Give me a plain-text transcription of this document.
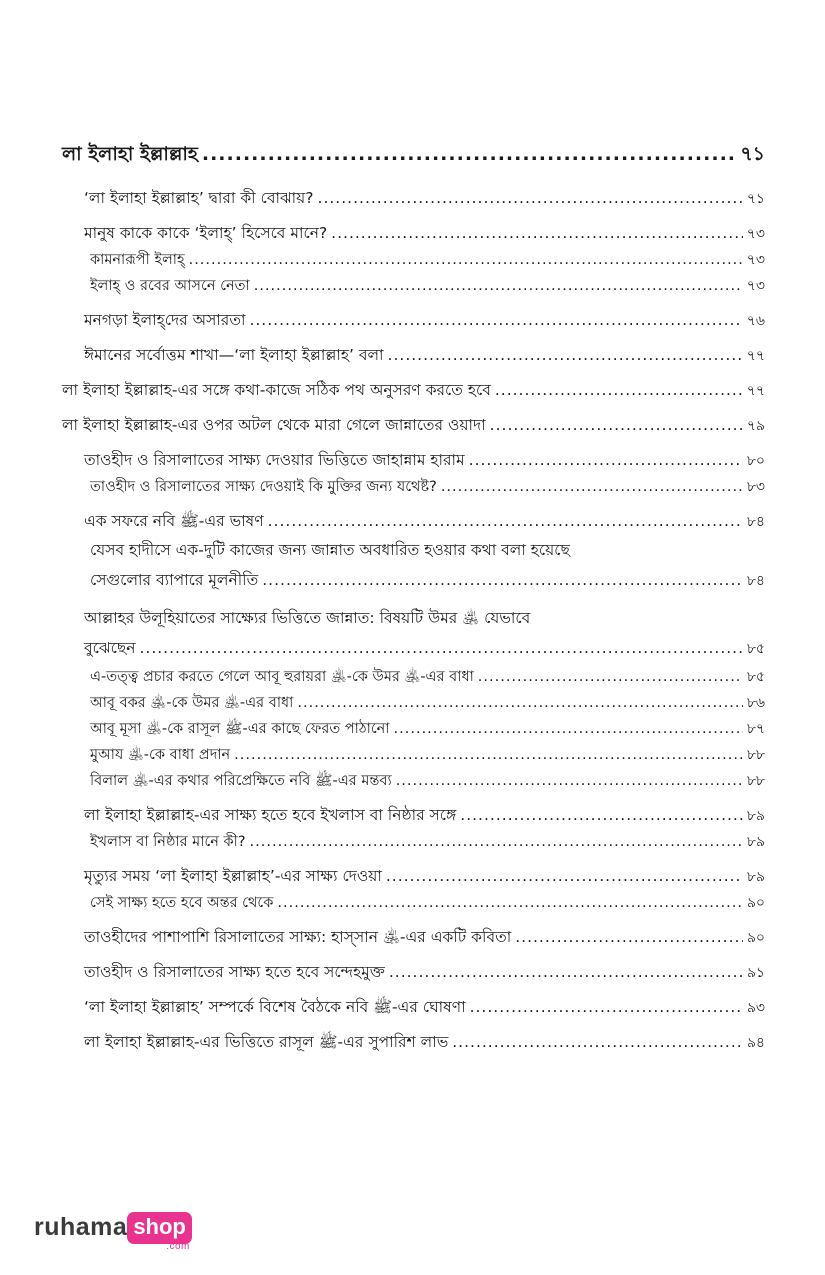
লা ইলাহা ইল্লাল্লাহ .....	৭১
‘লা ইলাহা ইল্লাল্লাহ’ দ্বারা কী বোঝায়? .....	৭১
মানুষ কাকে কাকে ‘ইলাহ্’ হিসেবে মানে? .....	৭৩
কামনারূপী ইলাহ্ .....	৭৩
ইলাহ্ ও রবের আসনে নেতা .....	৭৩
মনগড়া ইলাহ্‌দের অসারতা .....	৭৬
ঈমানের সর্বোত্তম শাখা—‘লা ইলাহা ইল্লাল্লাহ’ বলা .....	৭৭
লা ইলাহা ইল্লাল্লাহ-এর সঙ্গে কথা-কাজে সঠিক পথ অনুসরণ করতে হবে .....	৭৭
লা ইলাহা ইল্লাল্লাহ-এর ওপর অটল থেকে মারা গেলে জান্নাতের ওয়াদা .....	৭৯
তাওহীদ ও রিসালাতের সাক্ষ্য দেওয়ার ভিত্তিতে জাহান্নাম হারাম .....	৮০
তাওহীদ ও রিসালাতের সাক্ষ্য দেওয়াই কি মুক্তির জন্য যথেষ্ট? .....	৮৩
এক সফরে নবি ﷺ-এর ভাষণ .....	৮৪
যেসব হাদীসে এক-দুটি কাজের জন্য জান্নাত অবধারিত হওয়ার কথা বলা হয়েছে
সেগুলোর ব্যাপারে মূলনীতি .....	৮৪
আল্লাহর উলূহিয়াতের সাক্ষ্যের ভিত্তিতে জান্নাত: বিষয়টি উমর ﵁ যেভাবে
বুঝেছেন .....	৮৫
এ-তত্ত্ব প্রচার করতে গেলে আবূ হুরায়রা ﵁-কে উমর ﵁-এর বাধা .....	৮৫
আবূ বকর ﵁-কে উমর ﵁-এর বাধা .....	৮৬
আবূ মূসা ﵁-কে রাসূল ﷺ-এর কাছে ফেরত পাঠানো .....	৮৭
মুআয ﵁-কে বাধা প্রদান .....	৮৮
বিলাল ﵁-এর কথার পরিপ্রেক্ষিতে নবি ﷺ-এর মন্তব্য .....	৮৮
লা ইলাহা ইল্লাল্লাহ-এর সাক্ষ্য হতে হবে ইখলাস বা নিষ্ঠার সঙ্গে .....	৮৯
ইখলাস বা নিষ্ঠার মানে কী? .....	৮৯
মৃত্যুর সময় ‘লা ইলাহা ইল্লাল্লাহ’-এর সাক্ষ্য দেওয়া .....	৮৯
সেই সাক্ষ্য হতে হবে অন্তর থেকে .....	৯০
তাওহীদের পাশাপাশি রিসালাতের সাক্ষ্য: হাস্সান ﵁-এর একটি কবিতা .....	৯০
তাওহীদ ও রিসালাতের সাক্ষ্য হতে হবে সন্দেহমুক্ত .....	৯১
‘লা ইলাহা ইল্লাল্লাহ’ সম্পর্কে বিশেষ বৈঠকে নবি ﷺ-এর ঘোষণা .....	৯৩
লা ইলাহা ইল্লাল্লাহ-এর ভিত্তিতে রাসূল ﷺ-এর সুপারিশ লাভ .....	৯৪
ruhama shop
.com
